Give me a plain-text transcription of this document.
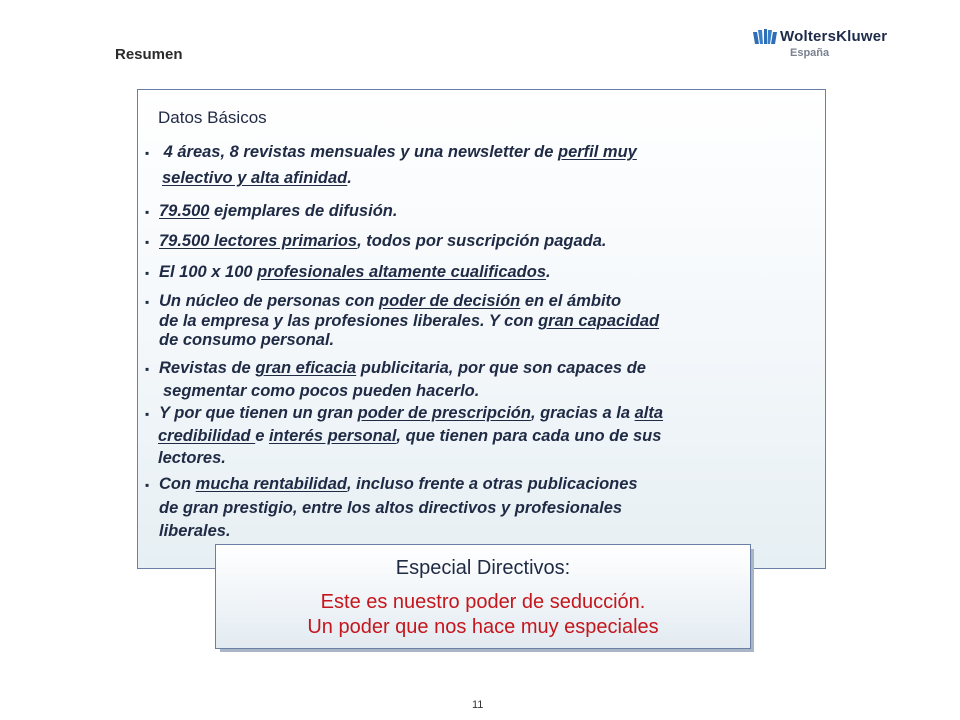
Resumen
WoltersKluwer
España
Datos Básicos
▪ 4 áreas, 8 revistas mensuales y una newsletter de perfil muy
selectivo y alta afinidad.
▪ 79.500 ejemplares de difusión.
▪ 79.500 lectores primarios, todos por suscripción pagada.
▪ El 100 x 100 profesionales altamente cualificados.
▪ Un núcleo de personas con poder de decisión en el ámbito
de la empresa y las profesiones liberales. Y con gran capacidad
de consumo personal.
▪ Revistas de gran eficacia publicitaria, por que son capaces de
segmentar como pocos pueden hacerlo.
▪ Y por que tienen un gran poder de prescripción, gracias a la alta
credibilidad e interés personal, que tienen para cada uno de sus
lectores.
▪ Con mucha rentabilidad, incluso frente a otras publicaciones
de gran prestigio, entre los altos directivos y profesionales
liberales.
Especial Directivos:
Este es nuestro poder de seducción.
Un poder que nos hace muy especiales
11
